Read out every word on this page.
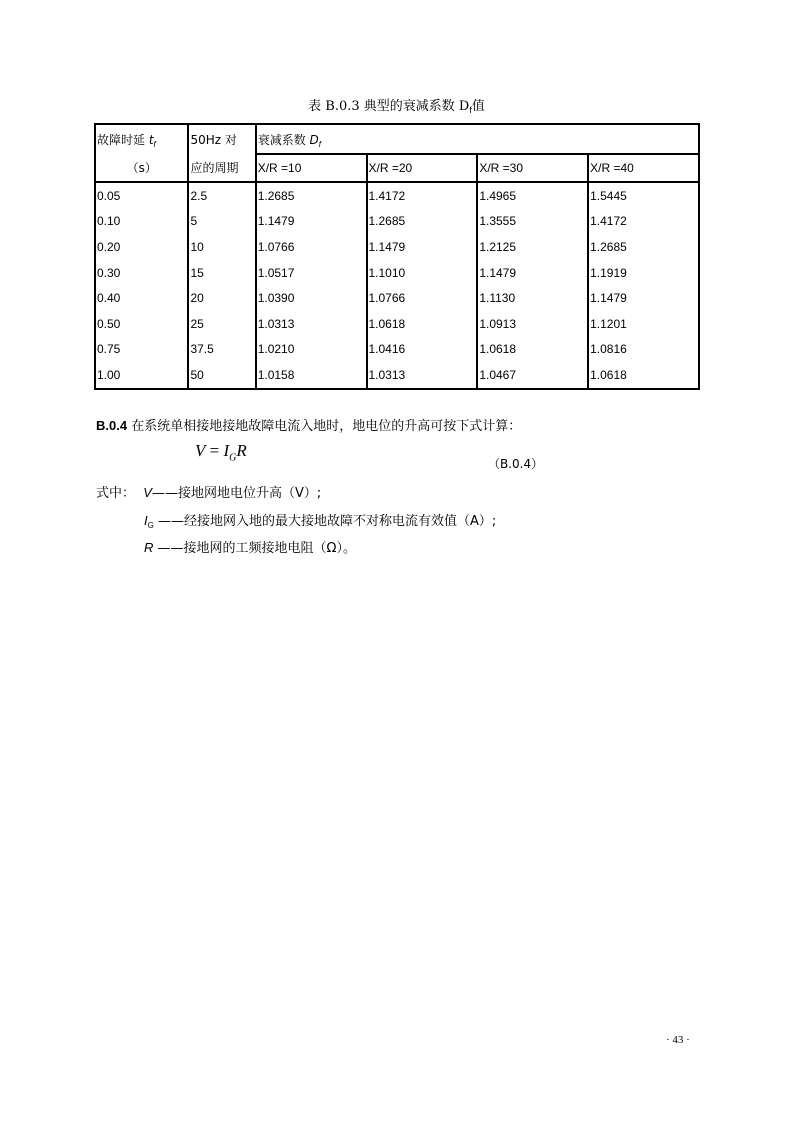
表 B.0.3 典型的衰减系数 $D_f$值
故障时延 $t_f$	50Hz 对	衰减系数 $D_f$
（s）	应的周期	X/R =10	X/R =20	X/R =30	X/R =40
0.05	2.5	1.2685	1.4172	1.4965	1.5445
0.10	5	1.1479	1.2685	1.3555	1.4172
0.20	10	1.0766	1.1479	1.2125	1.2685
0.30	15	1.0517	1.1010	1.1479	1.1919
0.40	20	1.0390	1.0766	1.1130	1.1479
0.50	25	1.0313	1.0618	1.0913	1.1201
0.75	37.5	1.0210	1.0416	1.0618	1.0816
1.00	50	1.0158	1.0313	1.0467	1.0618
B.0.4 在系统单相接地接地故障电流入地时，地电位的升高可按下式计算：
$V = I_GR$
（B.0.4）
式中： V——接地网地电位升高（V）;
$I_G$ ——经接地网入地的最大接地故障不对称电流有效值（A）;
R ——接地网的工频接地电阻（Ω）。
· 43 ·
